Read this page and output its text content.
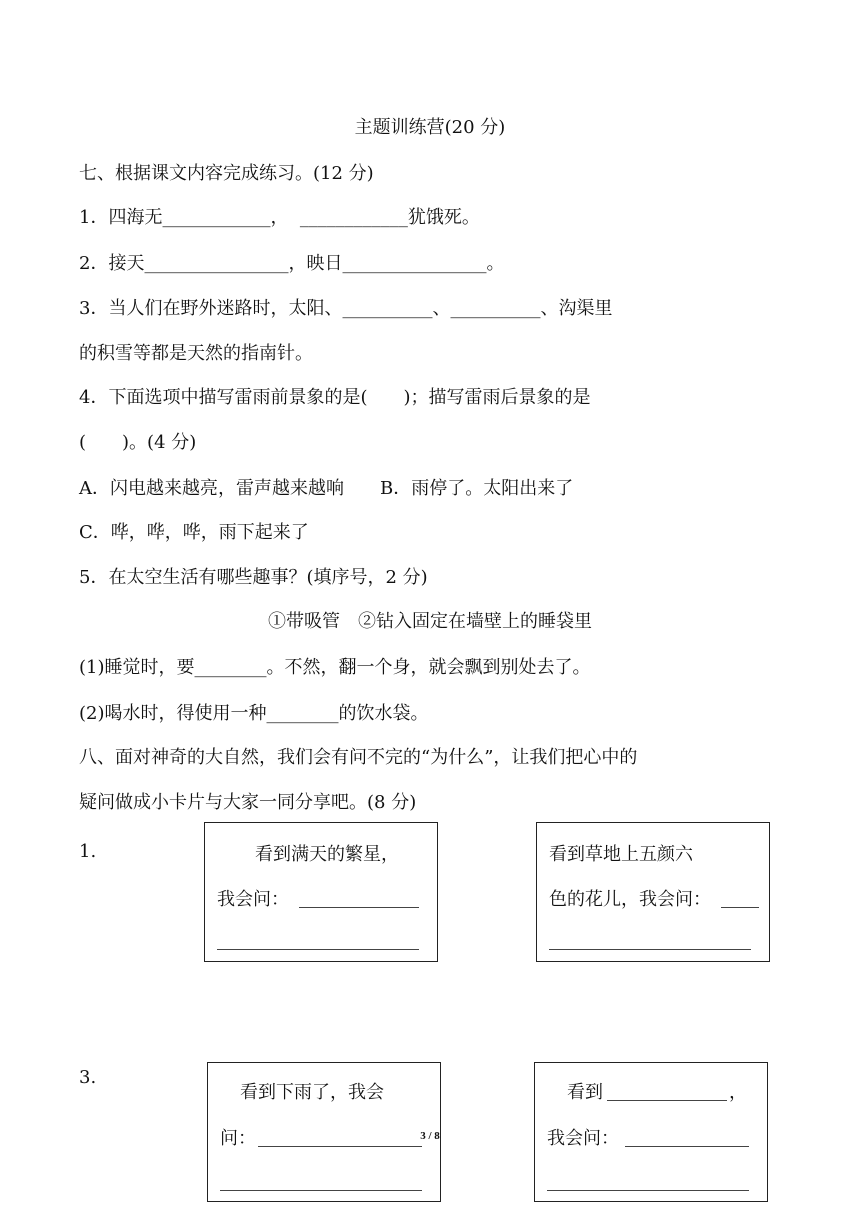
主题训练营(20 分)
七、根据课文内容完成练习。(12 分)
1．四海无____________，  ____________犹饿死。
2．接天________________，映日________________。
3．当人们在野外迷路时，太阳、__________、__________、沟渠里
的积雪等都是天然的指南针。
4．下面选项中描写雷雨前景象的是(　　)；描写雷雨后景象的是
(　　)。(4 分)
A．闪电越来越亮，雷声越来越响　　B．雨停了。太阳出来了
C．哗，哗，哗，雨下起来了
5．在太空生活有哪些趣事？(填序号，2 分)
①带吸管　②钻入固定在墙壁上的睡袋里
(1)睡觉时，要________。不然，翻一个身，就会飘到别处去了。
(2)喝水时，得使用一种________的饮水袋。
八、面对神奇的大自然，我们会有问不完的“为什么”，让我们把心中的
疑问做成小卡片与大家一同分享吧。(8 分)
1.
3.
看到满天的繁星，
我会问：
看到草地上五颜六
色的花儿，我会问：
看到下雨了，我会
问：
看到	，
我会问：
3 / 8
